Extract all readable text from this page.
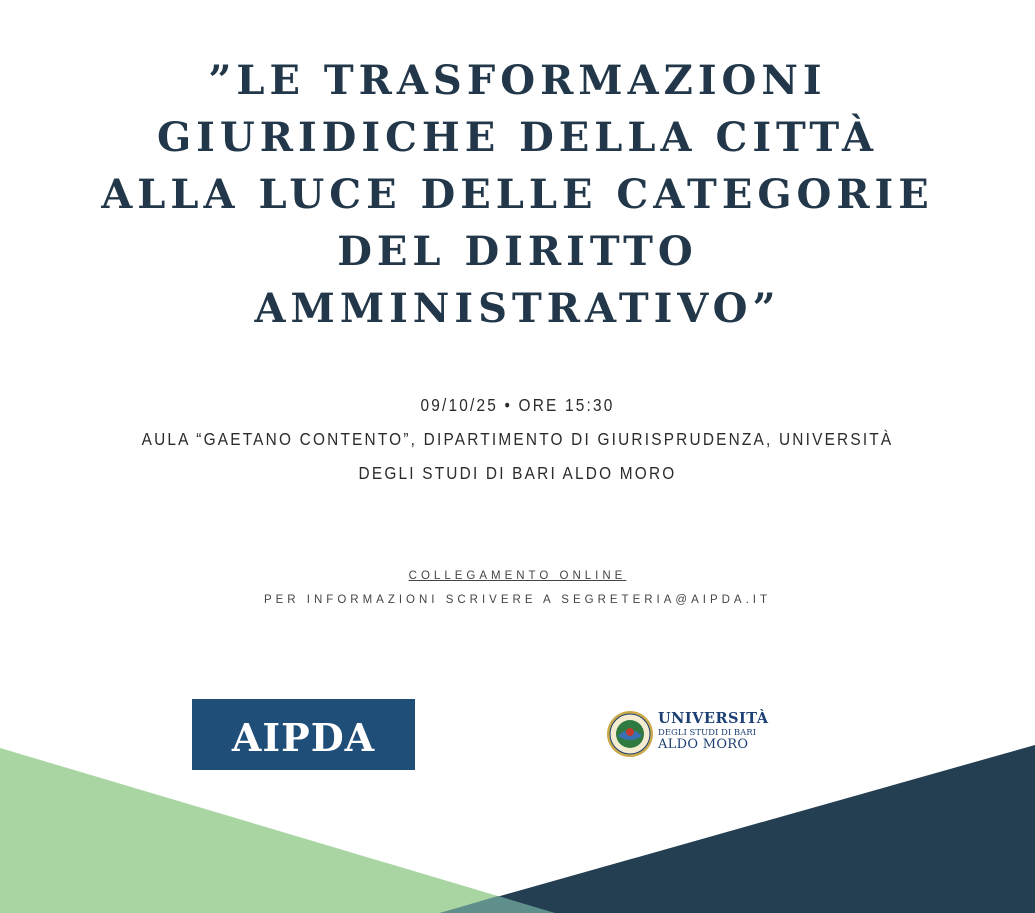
”LE TRASFORMAZIONI
GIURIDICHE DELLA CITTÀ
ALLA LUCE DELLE CATEGORIE
DEL DIRITTO
AMMINISTRATIVO”
09/10/25 • ORE 15:30
AULA “GAETANO CONTENTO”, DIPARTIMENTO DI GIURISPRUDENZA, UNIVERSITÀ
DEGLI STUDI DI BARI ALDO MORO
COLLEGAMENTO ONLINE
PER INFORMAZIONI SCRIVERE A SEGRETERIA@AIPDA.IT
AIPDA	UNIVERSITÀ
DEGLI STUDI DI BARI
ALDO MORO
